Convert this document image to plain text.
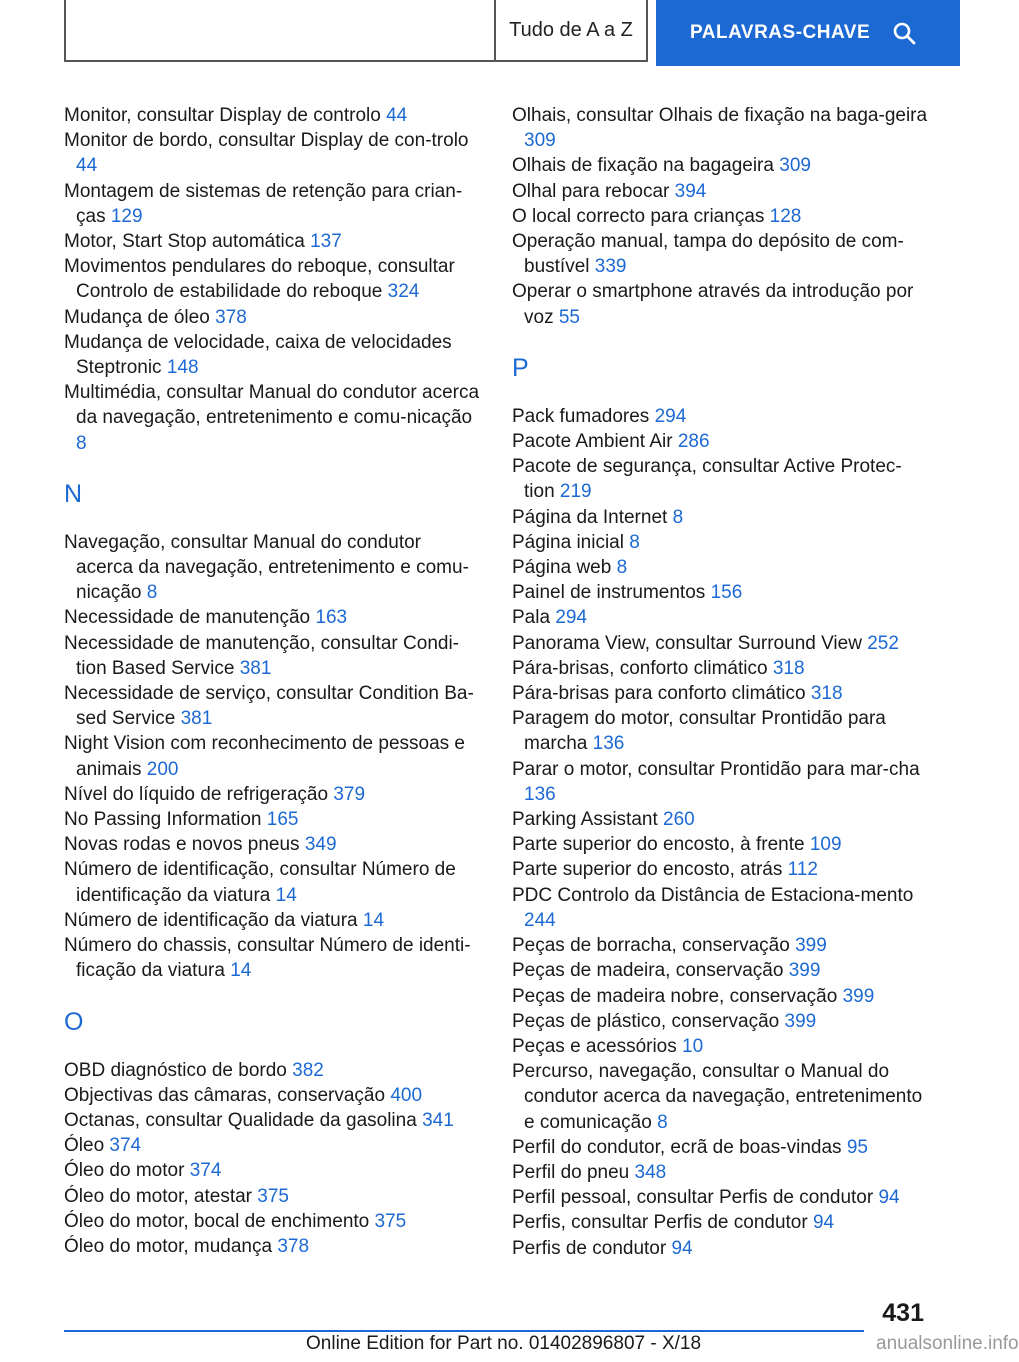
Tudo de A a Z	PALAVRAS-CHAVE
Monitor, consultar Display de controlo 44
Monitor de bordo, consultar Display de con‐trolo 44
Montagem de sistemas de retenção para crian‐ças 129
Motor, Start Stop automática 137
Movimentos pendulares do reboque, consultar Controlo de estabilidade do reboque 324
Mudança de óleo 378
Mudança de velocidade, caixa de velocidades Steptronic 148
Multimédia, consultar Manual do condutor acerca da navegação, entretenimento e comu‐nicação 8
N
Navegação, consultar Manual do condutor acerca da navegação, entretenimento e comu‐nicação 8
Necessidade de manutenção 163
Necessidade de manutenção, consultar Condi‐tion Based Service 381
Necessidade de serviço, consultar Condition Ba‐sed Service 381
Night Vision com reconhecimento de pessoas e animais 200
Nível do líquido de refrigeração 379
No Passing Information 165
Novas rodas e novos pneus 349
Número de identificação, consultar Número de identificação da viatura 14
Número de identificação da viatura 14
Número do chassis, consultar Número de identi‐ficação da viatura 14
O
OBD diagnóstico de bordo 382
Objectivas das câmaras, conservação 400
Octanas, consultar Qualidade da gasolina 341
Óleo 374
Óleo do motor 374
Óleo do motor, atestar 375
Óleo do motor, bocal de enchimento 375
Óleo do motor, mudança 378
Olhais, consultar Olhais de fixação na baga‐geira 309
Olhais de fixação na bagageira 309
Olhal para rebocar 394
O local correcto para crianças 128
Operação manual, tampa do depósito de com‐bustível 339
Operar o smartphone através da introdução por voz 55
P
Pack fumadores 294
Pacote Ambient Air 286
Pacote de segurança, consultar Active Protec‐tion 219
Página da Internet 8
Página inicial 8
Página web 8
Painel de instrumentos 156
Pala 294
Panorama View, consultar Surround View 252
Pára-brisas, conforto climático 318
Pára-brisas para conforto climático 318
Paragem do motor, consultar Prontidão para marcha 136
Parar o motor, consultar Prontidão para mar‐cha 136
Parking Assistant 260
Parte superior do encosto, à frente 109
Parte superior do encosto, atrás 112
PDC Controlo da Distância de Estaciona‐mento 244
Peças de borracha, conservação 399
Peças de madeira, conservação 399
Peças de madeira nobre, conservação 399
Peças de plástico, conservação 399
Peças e acessórios 10
Percurso, navegação, consultar o Manual do condutor acerca da navegação, entretenimento e comunicação 8
Perfil do condutor, ecrã de boas-vindas 95
Perfil do pneu 348
Perfil pessoal, consultar Perfis de condutor 94
Perfis, consultar Perfis de condutor 94
Perfis de condutor 94
431
Online Edition for Part no. 01402896807 - X/18	anualsonline.info
